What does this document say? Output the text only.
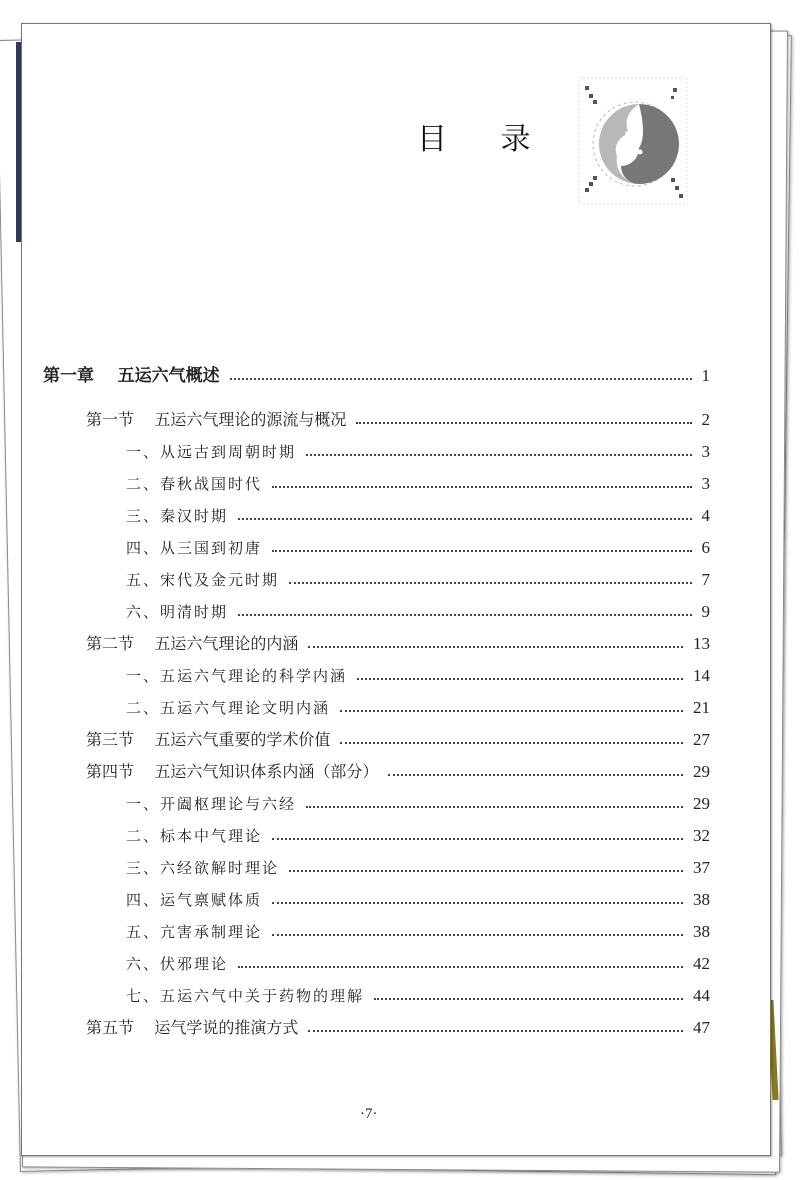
目 录
第一章    五运六气概述	1
第一节    五运六气理论的源流与概况	2
一、从远古到周朝时期	3
二、春秋战国时代	3
三、秦汉时期	4
四、从三国到初唐	6
五、宋代及金元时期	7
六、明清时期	9
第二节    五运六气理论的内涵	13
一、五运六气理论的科学内涵	14
二、五运六气理论文明内涵	21
第三节    五运六气重要的学术价值	27
第四节    五运六气知识体系内涵（部分）	29
一、开阖枢理论与六经	29
二、标本中气理论	32
三、六经欲解时理论	37
四、运气禀赋体质	38
五、亢害承制理论	38
六、伏邪理论	42
七、五运六气中关于药物的理解	44
第五节    运气学说的推演方式	47
·7·
